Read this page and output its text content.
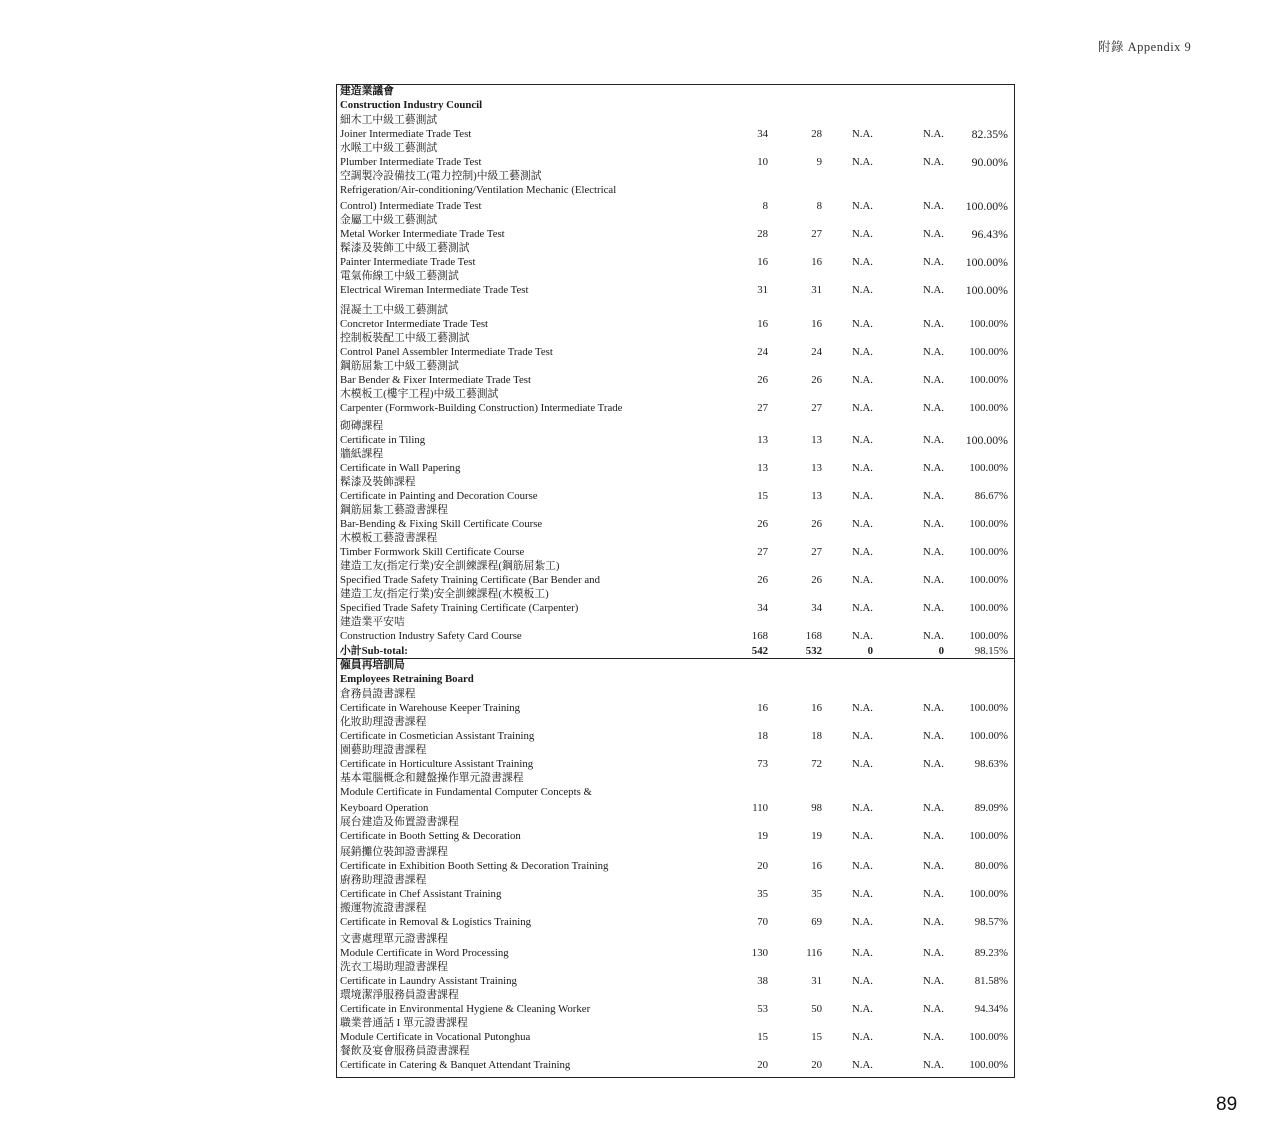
附錄 Appendix 9
建造業議會
Construction Industry Council
細木工中級工藝測試
Joiner Intermediate Trade Test	34	28	N.A.	N.A.	82.35%
水喉工中級工藝測試
Plumber Intermediate Trade Test	10	9	N.A.	N.A.	90.00%
空調製冷設備技工(電力控制)中級工藝測試
Refrigeration/Air-conditioning/Ventilation Mechanic (Electrical
Control) Intermediate Trade Test	8	8	N.A.	N.A.	100.00%
金屬工中級工藝測試
Metal Worker Intermediate Trade Test	28	27	N.A.	N.A.	96.43%
髹漆及裝飾工中級工藝測試
Painter Intermediate Trade Test	16	16	N.A.	N.A.	100.00%
電氣佈線工中級工藝測試
Electrical Wireman Intermediate Trade Test	31	31	N.A.	N.A.	100.00%
混凝土工中級工藝測試
Concretor Intermediate Trade Test	16	16	N.A.	N.A.	100.00%
控制板裝配工中級工藝測試
Control Panel Assembler Intermediate Trade Test	24	24	N.A.	N.A.	100.00%
鋼筋屈紮工中級工藝測試
Bar Bender & Fixer Intermediate Trade Test	26	26	N.A.	N.A.	100.00%
木模板工(樓宇工程)中級工藝測試
Carpenter (Formwork-Building Construction) Intermediate Trade	27	27	N.A.	N.A.	100.00%
砌磚課程
Certificate in Tiling	13	13	N.A.	N.A.	100.00%
牆紙課程
Certificate in Wall Papering	13	13	N.A.	N.A.	100.00%
髹漆及裝飾課程
Certificate in Painting and Decoration Course	15	13	N.A.	N.A.	86.67%
鋼筋屈紮工藝證書課程
Bar-Bending & Fixing Skill Certificate Course	26	26	N.A.	N.A.	100.00%
木模板工藝證書課程
Timber Formwork Skill Certificate Course	27	27	N.A.	N.A.	100.00%
建造工友(指定行業)安全訓練課程(鋼筋屈紮工)
Specified Trade Safety Training Certificate (Bar Bender and	26	26	N.A.	N.A.	100.00%
建造工友(指定行業)安全訓練課程(木模板工)
Specified Trade Safety Training Certificate (Carpenter)	34	34	N.A.	N.A.	100.00%
建造業平安咭
Construction Industry Safety Card Course	168	168	N.A.	N.A.	100.00%
小計Sub-total:	542	532	0	0	98.15%
僱員再培訓局
Employees Retraining Board
倉務員證書課程
Certificate in Warehouse Keeper Training	16	16	N.A.	N.A.	100.00%
化妝助理證書課程
Certificate in Cosmetician Assistant Training	18	18	N.A.	N.A.	100.00%
園藝助理證書課程
Certificate in Horticulture Assistant Training	73	72	N.A.	N.A.	98.63%
基本電腦概念和鍵盤操作單元證書課程
Module Certificate in Fundamental Computer Concepts &
Keyboard Operation	110	98	N.A.	N.A.	89.09%
展台建造及佈置證書課程
Certificate in Booth Setting & Decoration	19	19	N.A.	N.A.	100.00%
展銷攤位裝卸證書課程
Certificate in Exhibition Booth Setting & Decoration Training	20	16	N.A.	N.A.	80.00%
廚務助理證書課程
Certificate in Chef Assistant Training	35	35	N.A.	N.A.	100.00%
搬運物流證書課程
Certificate in Removal & Logistics Training	70	69	N.A.	N.A.	98.57%
文書處理單元證書課程
Module Certificate in Word Processing	130	116	N.A.	N.A.	89.23%
洗衣工場助理證書課程
Certificate in Laundry Assistant Training	38	31	N.A.	N.A.	81.58%
環境潔淨服務員證書課程
Certificate in Environmental Hygiene & Cleaning Worker	53	50	N.A.	N.A.	94.34%
職業普通話 I 單元證書課程
Module Certificate in Vocational Putonghua	15	15	N.A.	N.A.	100.00%
餐飲及宴會服務員證書課程
Certificate in Catering & Banquet Attendant Training	20	20	N.A.	N.A.	100.00%
89
